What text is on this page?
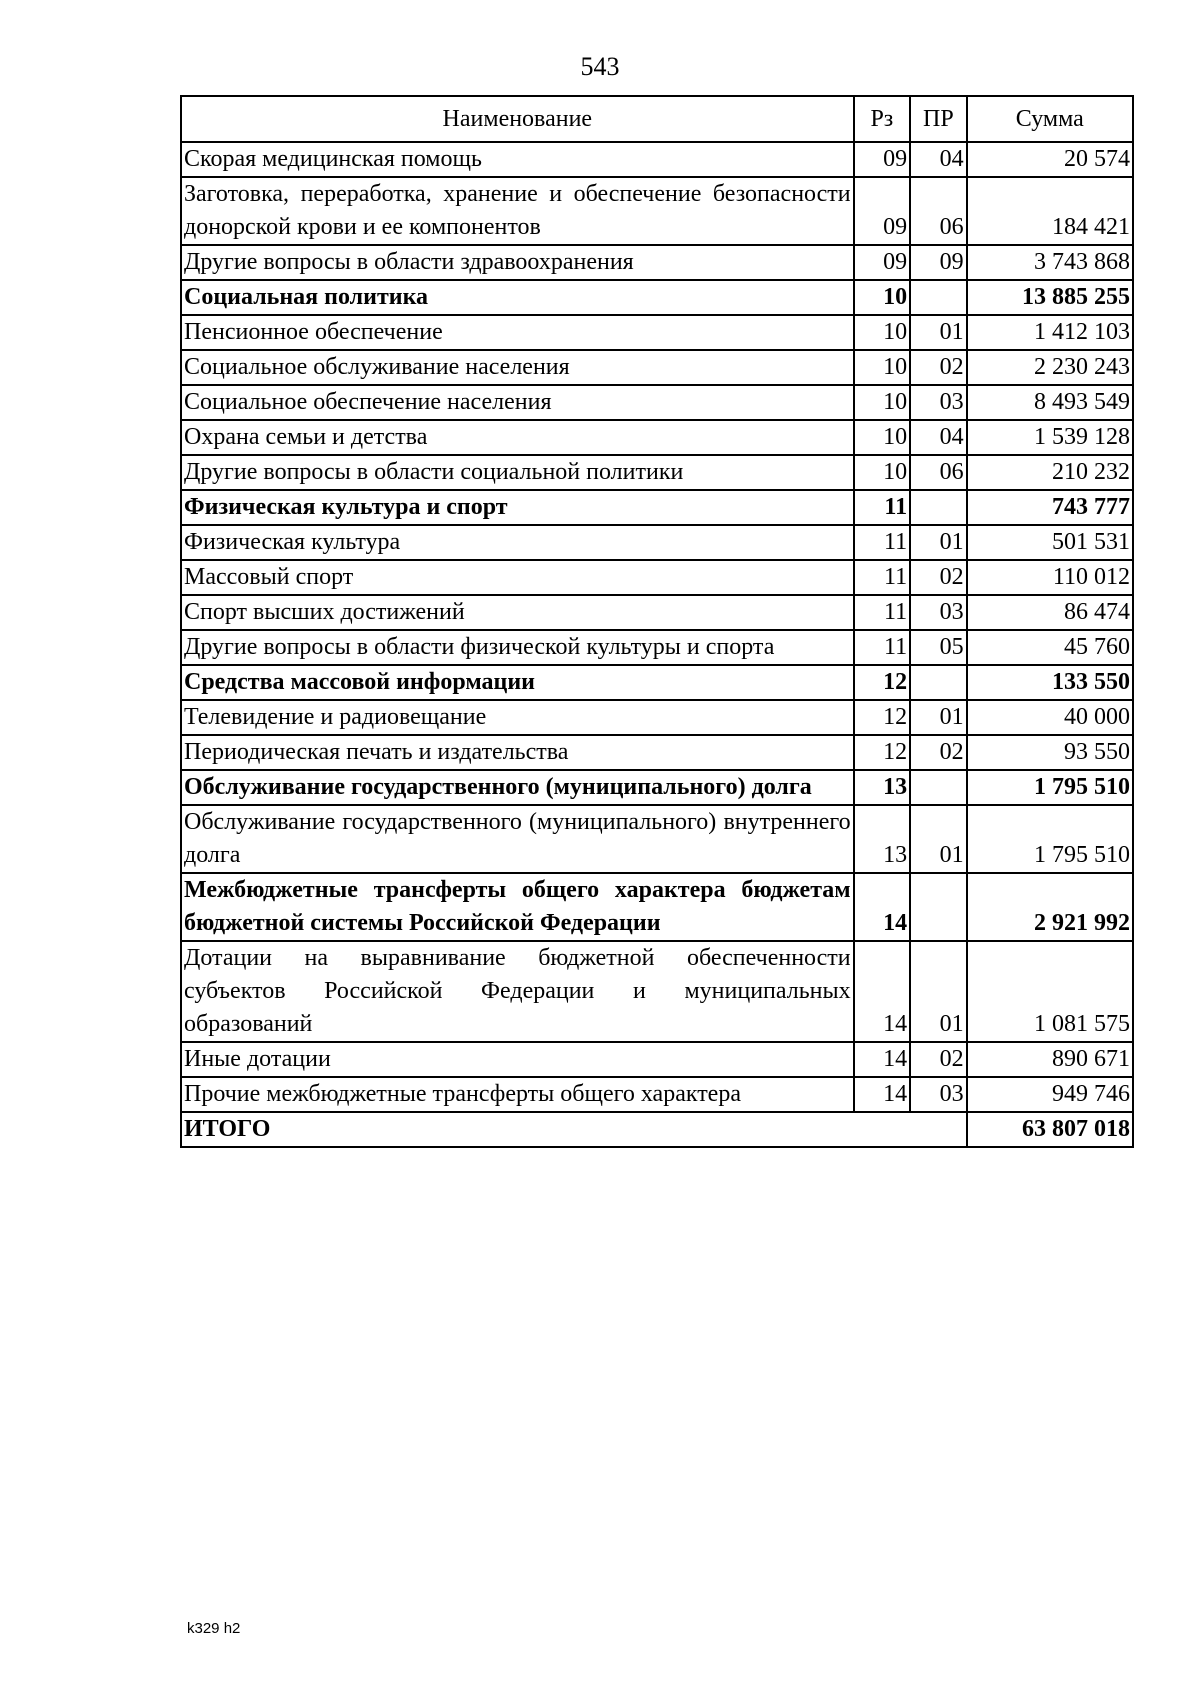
543
Наименование	Рз	ПР	Сумма
Скорая медицинская помощь	09	04	20 574
Заготовка, переработка, хранение и обеспечение безопасности донорской крови и ее компонентов	09	06	184 421
Другие вопросы в области здравоохранения	09	09	3 743 868
Социальная политика	10		13 885 255
Пенсионное обеспечение	10	01	1 412 103
Социальное обслуживание населения	10	02	2 230 243
Социальное обеспечение населения	10	03	8 493 549
Охрана семьи и детства	10	04	1 539 128
Другие вопросы в области социальной политики	10	06	210 232
Физическая культура и спорт	11		743 777
Физическая культура	11	01	501 531
Массовый спорт	11	02	110 012
Спорт высших достижений	11	03	86 474
Другие вопросы в области физической культуры и спорта	11	05	45 760
Средства массовой информации	12		133 550
Телевидение и радиовещание	12	01	40 000
Периодическая печать и издательства	12	02	93 550
Обслуживание государственного (муниципального) долга	13		1 795 510
Обслуживание государственного (муниципального) внутреннего долга	13	01	1 795 510
Межбюджетные трансферты общего характера бюджетам бюджетной системы Российской Федерации	14		2 921 992
Дотации на выравнивание бюджетной обеспеченности субъектов Российской Федерации и муниципальных образований	14	01	1 081 575
Иные дотации	14	02	890 671
Прочие межбюджетные трансферты общего характера	14	03	949 746
ИТОГО			63 807 018
k329 h2
